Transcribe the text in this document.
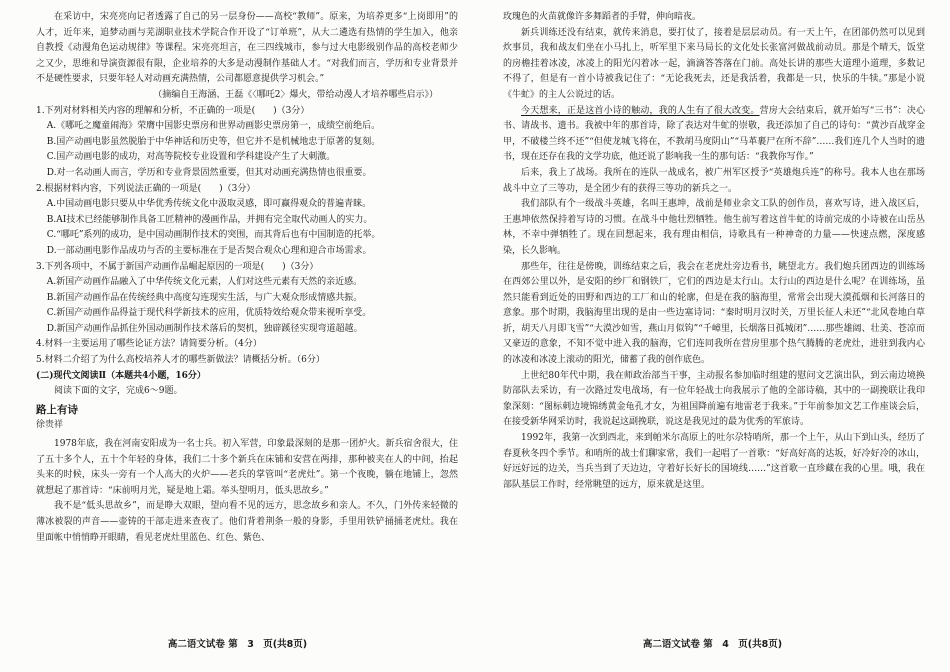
在采访中，宋亮亮向记者透露了自己的另一层身份——高校“教师”。原来，为培养更多“上岗即用”的人才，近年来，追梦动画与芜湖职业技术学院合作开设了“订单班”，从大二遴选有热情的学生加入，他亲自教授《动漫角色运动规律》等课程。宋亮亮坦言，在三四线城市，参与过大电影级别作品的高校老师少之又少，思维和导演资源很有限，企业培养的大多是动漫制作基础人才。“对我们而言，学历和专业背景并不是硬性要求，只要年轻人对动画充满热情，公司都愿意提供学习机会。”

（摘编自王海涵、王磊《〈哪吒2〉爆火，带给动漫人才培养哪些启示》）

1.下列对材料相关内容的理解和分析，不正确的一项是(　　)（3分）

A.《哪吒之魔童闹海》荣膺中国影史票房和世界动画影史票房第一，成绩空前绝后。

B.国产动画电影虽然脱胎于中华神话和历史等，但它并不是机械地忠于原著的复刻。

C.国产动画电影的成功，对高等院校专业设置和学科建设产生了大刺激。

D.对一名动画人而言，学历和专业背景固然重要，但其对动画充满热情也很重要。

2.根据材料内容，下列说法正确的一项是(　　)（3分）

A.中国动画电影只要从中华优秀传统文化中汲取灵感，即可赢得观众的普遍青睐。

B.AI技术已经能够制作具备工匠精神的漫画作品，并拥有完全取代动画人的实力。

C.“哪吒”系列的成功，是中国动画制作技术的突围，而其背后也有中国制造的托举。

D.一部动画电影作品成功与否的主要标准在于是否契合观众心理和迎合市场需求。

3.下列各项中，不属于新国产动画作品崛起原因的一项是(　　)（3分）

A.新国产动画作品融入了中华传统文化元素，人们对这些元素有天然的亲近感。

B.新国产动画作品在传统经典中高度勾连现实生活，与广大观众形成情感共振。

C.新国产动画作品得益于现代科学新技术的应用，优质特效给观众带来视听享受。

D.新国产动画作品抓住外国动画制作技术落后的契机，独辟蹊径实现弯道超越。

4.材料一主要运用了哪些论证方法？请简要分析。（4分）

5.材料二介绍了为什么高校培养人才的哪些新做法？请概括分析。（6分）

(二)现代文阅读Ⅱ（本题共4小题，16分）

阅读下面的文字，完成6～9题。

路上有诗

徐贵祥

1978年底，我在河南安阳成为一名士兵。初入军营，印象最深刻的是那一团炉火。新兵宿舍很大，住了五十多个人，五十个年轻的身体，我们二十多个新兵在床铺和安营在两排，那种被夹在人的中间，抬起头来的时候，床头一旁有一个人高大的火炉——老兵的掌管叫“老虎灶”。第一个夜晚，躺在地铺上，忽然就想起了那首诗：“床前明月光，疑是地上霜。举头望明月，低头思故乡。”

我不是“低头思故乡”，而是睁大双眼，望向看不见的远方，思念故乡和亲人。不久，门外传来轻微的薄冰被裂的声音——壶铸的干部走进来查夜了。他们背着荆条一般的身影，手里用铁铲捅捅老虎灶。我在里面帐中悄悄睁开眼睛，看见老虎灶里蓝色、红色、紫色、

高二语文试卷 第　3　页(共8页)

玫瑰色的火苗就像许多舞蹈者的手臂，伸向暗夜。

新兵训练还没有结束，就传来消息，要打仗了，接着是层层动员。有一天上午，在团部仍然可以见到炊事员，我和战友们坐在小马扎上，听军里下来马局长的文化处长张富河做战前动员。那是个晴天，饭堂的房檐挂着冰凌，冰凌上的阳光闪着冰一起，滴滴答答落在门前。高处长讲的那些大道理小道理，多数记不得了，但是有一首小诗被我记住了：“无论我死去，还是我活着，我都是一只，快乐的牛犊。”那是小说《牛虻》的主人公说过的话。

今天想来，正是这首小诗的触动，我的人生有了很大改变。营房大会结束后，就开始写“三书”：决心书、请战书、遗书。我被中年的那首诗，除了表达对牛虻的崇敬，我还添加了自己的诗句：“黄沙百战穿金甲，不破楼兰终不还”“但使龙城飞将在，不教胡马度阴山”“马革裹尸在所不辞”……我们连几个人当时的遗书，现在还存在我的文学功底，他还说了影响我一生的那句话：“我教你写作。”

后来，我上了战场。我所在的连队一战成名，被广州军区授予“英雄炮兵连”的称号。我本人也在那场战斗中立了三等功，是全团少有的获得三等功的新兵之一。

我们部队有个一级战斗英雄，名叫王惠坤，战前是师业余文工队的创作员，喜欢写诗，进入战区后，王惠坤依然保持着写诗的习惯。在战斗中他壮烈牺牲。他生前写着这首牛虻的诗前完成的小诗被在山岳丛林，不幸中弹牺牲了。现在回想起来，我有理由相信，诗歌具有一种神奇的力量——快速点燃，深度感染，长久影响。

那些年，往往是傍晚，训练结束之后，我会在老虎灶旁边看书，眺望北方。我们炮兵团西边的训练场在西郊公里以外，是安阳的纱厂和钢铁厂，它们的西边是太行山。太行山的西边是什么呢？在训练场，虽然只能看到近处的田野和西边的工厂和山的轮廓，但是在我的脑海里，常常会出现大漠孤烟和长河落日的意象。那个时期，我脑海里出现的是由一些边塞诗词：“秦时明月汉时关，万里长征人未还”“北风卷地白草折，胡天八月即飞雪”“大漠沙如雪，燕山月似钩”“千嶂里，长烟落日孤城闭”……那些雄阔、壮美、苍凉而又豪迈的意象，不知不觉中进入我的脑海，它们连同我所在营房里那个热气腾腾的老虎灶，进驻到我内心的冰凌和冰凌上滚动的阳光，储蓄了我的创作底色。

上世纪80年代中期，我在师政治部当干事，主动报名参加临时组建的慰问文艺演出队，到云南边境换防部队去采访，有一次路过发电战场，有一位年轻战士向我展示了他的全部诗稿，其中的一副挽联让我印象深刻：“图标刺边境锦绣黄金龟孔才女，为祖国降前遍有地雷老于我来。”于年前参加文艺工作座谈会后，在接受新华网采访时，我说起这副挽联，说这是我见过的最为优秀的军旅诗。

1992年，我第一次到西北，来到帕米尔高原上的吐尔尕特哨所，那一个上午，从山下到山头，经历了春夏秋冬四个季节。和哨所的战士们聊家常，我们一起唱了一首歌：“好高好高的达坂，好冷好冷的冰山，好远好远的边关，当兵当到了天边边，守着好长好长的国境线……”这首歌一直珍藏在我的心里。哦，我在部队基层工作时，经常眺望的远方，原来就是这里。

高二语文试卷 第　4　页(共8页)
